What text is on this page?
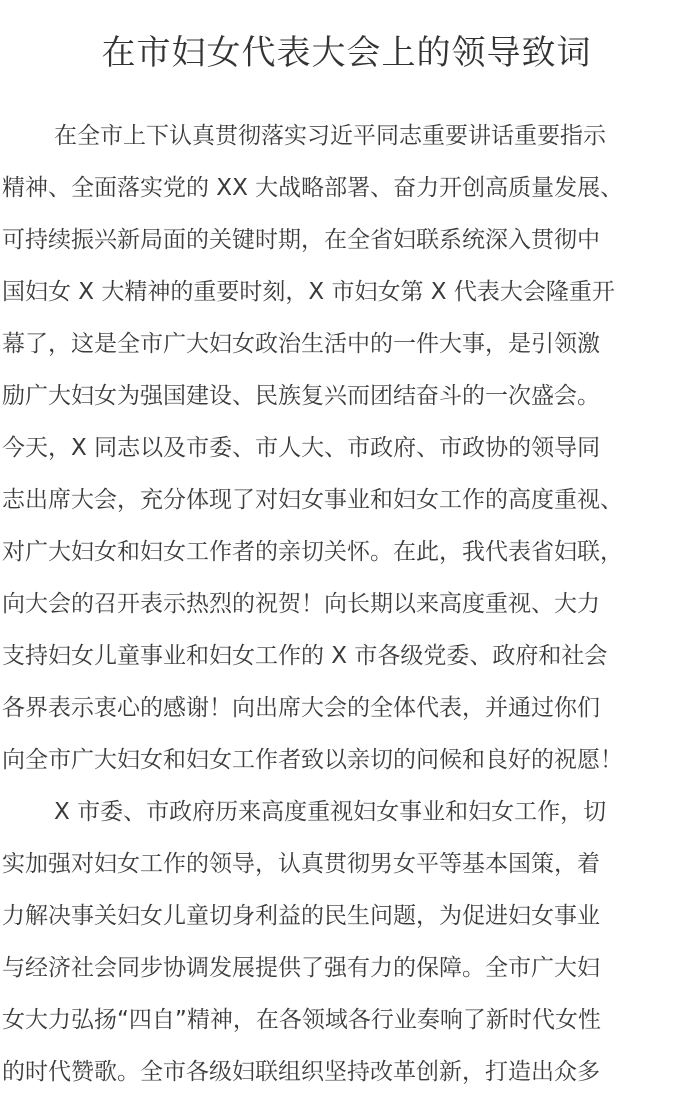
在市妇女代表大会上的领导致词
在全市上下认真贯彻落实习近平同志重要讲话重要指示
精神、全面落实党的 XX 大战略部署、奋力开创高质量发展、
可持续振兴新局面的关键时期，在全省妇联系统深入贯彻中
国妇女 X 大精神的重要时刻，X 市妇女第 X 代表大会隆重开
幕了，这是全市广大妇女政治生活中的一件大事，是引领激
励广大妇女为强国建设、民族复兴而团结奋斗的一次盛会。
今天，X 同志以及市委、市人大、市政府、市政协的领导同
志出席大会，充分体现了对妇女事业和妇女工作的高度重视、
对广大妇女和妇女工作者的亲切关怀。在此，我代表省妇联，
向大会的召开表示热烈的祝贺！向长期以来高度重视、大力
支持妇女儿童事业和妇女工作的 X 市各级党委、政府和社会
各界表示衷心的感谢！向出席大会的全体代表，并通过你们
向全市广大妇女和妇女工作者致以亲切的问候和良好的祝愿！
X 市委、市政府历来高度重视妇女事业和妇女工作，切
实加强对妇女工作的领导，认真贯彻男女平等基本国策，着
力解决事关妇女儿童切身利益的民生问题，为促进妇女事业
与经济社会同步协调发展提供了强有力的保障。全市广大妇
女大力弘扬“四自”精神，在各领域各行业奏响了新时代女性
的时代赞歌。全市各级妇联组织坚持改革创新，打造出众多
